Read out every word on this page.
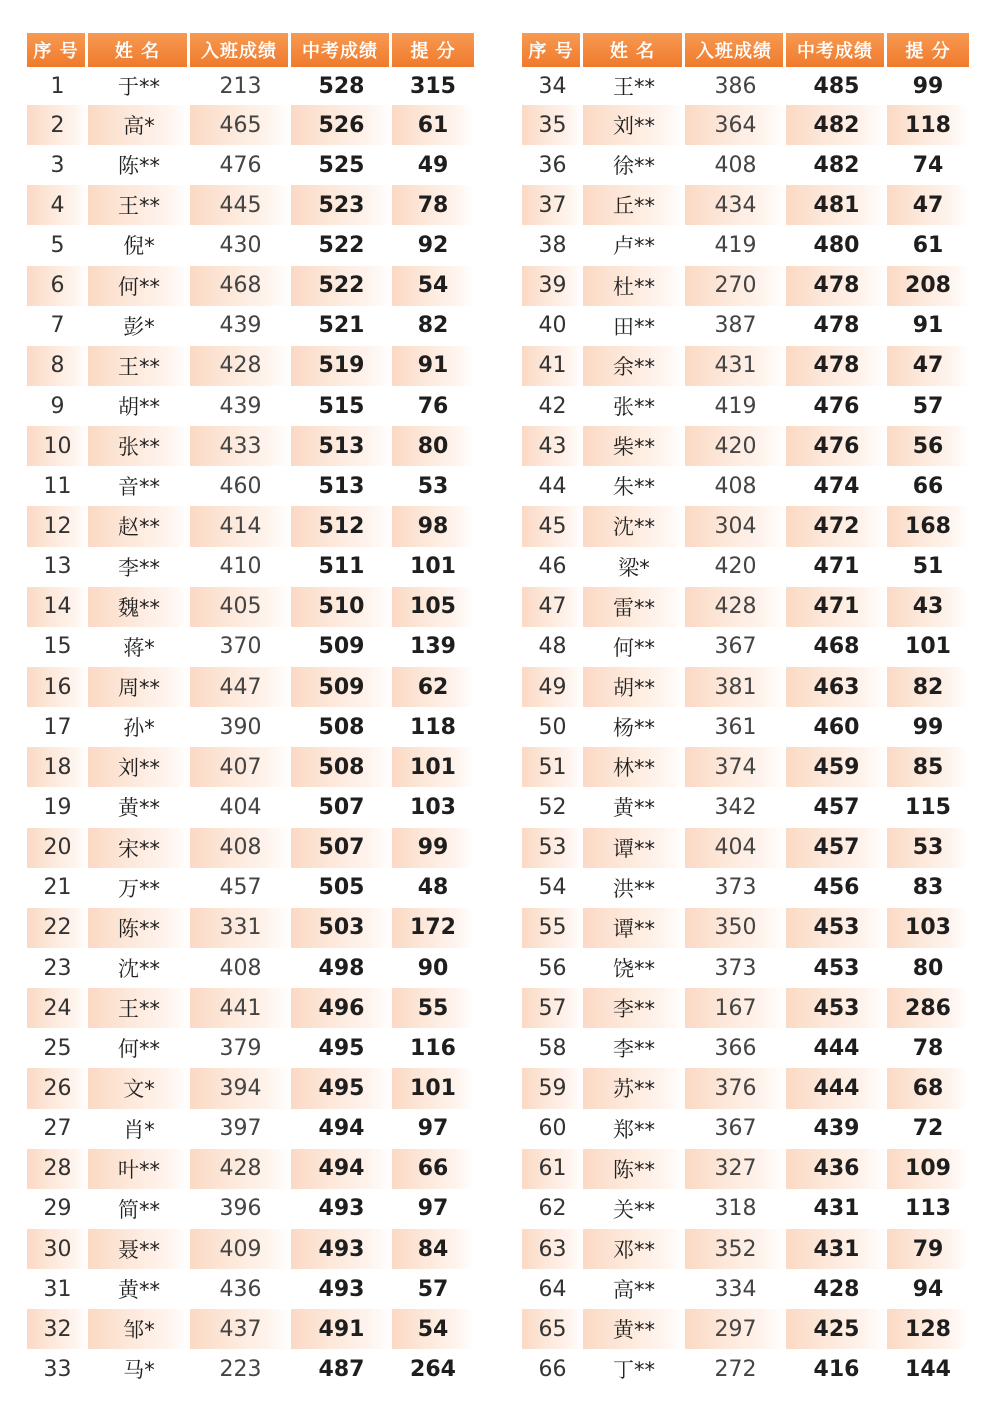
序 号	姓 名	入班成绩	中考成绩	提 分
1	于**	213	528	315
2	高*	465	526	61
3	陈**	476	525	49
4	王**	445	523	78
5	倪*	430	522	92
6	何**	468	522	54
7	彭*	439	521	82
8	王**	428	519	91
9	胡**	439	515	76
10	张**	433	513	80
11	音**	460	513	53
12	赵**	414	512	98
13	李**	410	511	101
14	魏**	405	510	105
15	蒋*	370	509	139
16	周**	447	509	62
17	孙*	390	508	118
18	刘**	407	508	101
19	黄**	404	507	103
20	宋**	408	507	99
21	万**	457	505	48
22	陈**	331	503	172
23	沈**	408	498	90
24	王**	441	496	55
25	何**	379	495	116
26	文*	394	495	101
27	肖*	397	494	97
28	叶**	428	494	66
29	简**	396	493	97
30	聂**	409	493	84
31	黄**	436	493	57
32	邹*	437	491	54
33	马*	223	487	264
序 号	姓 名	入班成绩	中考成绩	提 分
34	王**	386	485	99
35	刘**	364	482	118
36	徐**	408	482	74
37	丘**	434	481	47
38	卢**	419	480	61
39	杜**	270	478	208
40	田**	387	478	91
41	余**	431	478	47
42	张**	419	476	57
43	柴**	420	476	56
44	朱**	408	474	66
45	沈**	304	472	168
46	梁*	420	471	51
47	雷**	428	471	43
48	何**	367	468	101
49	胡**	381	463	82
50	杨**	361	460	99
51	林**	374	459	85
52	黄**	342	457	115
53	谭**	404	457	53
54	洪**	373	456	83
55	谭**	350	453	103
56	饶**	373	453	80
57	李**	167	453	286
58	李**	366	444	78
59	苏**	376	444	68
60	郑**	367	439	72
61	陈**	327	436	109
62	关**	318	431	113
63	邓**	352	431	79
64	高**	334	428	94
65	黄**	297	425	128
66	丁**	272	416	144
